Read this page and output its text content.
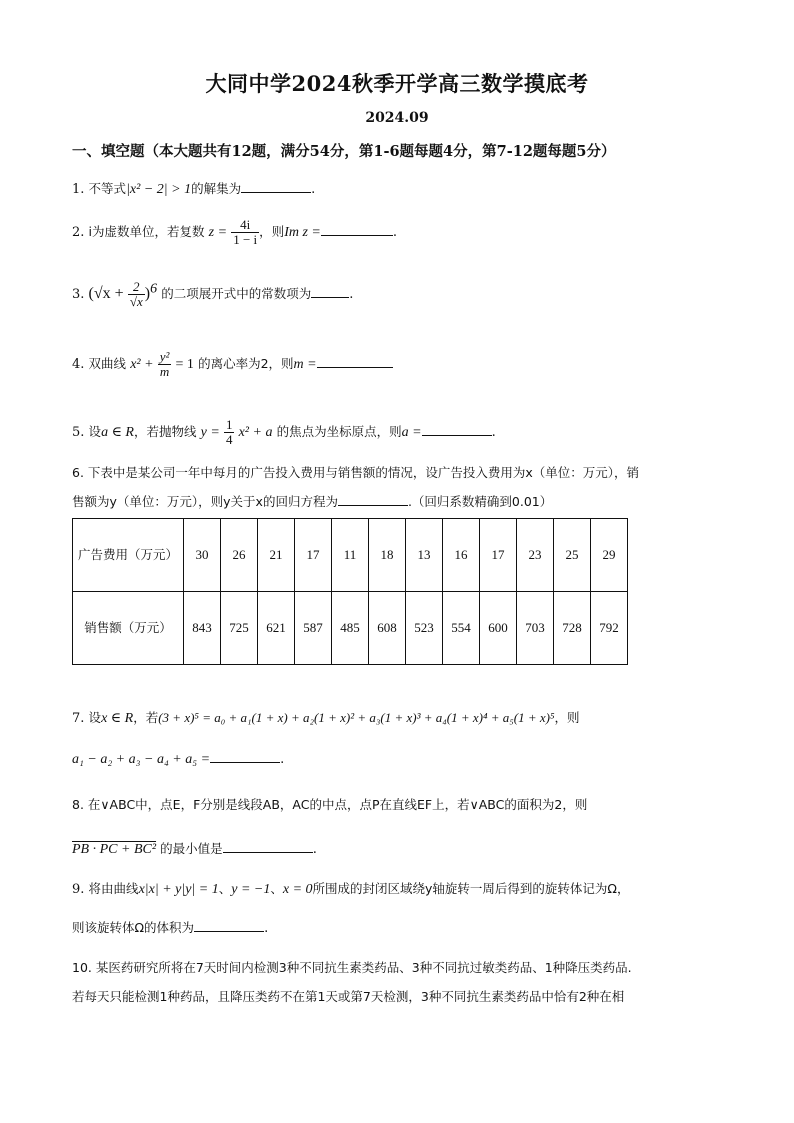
大同中学2024秋季开学高三数学摸底考
2024.09
一、填空题（本大题共有12题，满分54分，第1-6题每题4分，第7-12题每题5分）
1. 不等式|x² − 2| > 1的解集为	.
2. i为虚数单位，若复数 $z = \frac{4i}{1 - i}$ ，则Im z =	.
3. $(√x + \frac{2}{√x} )^6$ 的二项展开式中的常数项为	.
4. 双曲线 $x^2 + \frac{\text{y²}}{m} = 1$ 的离心率为2，则m =
5. 设a ∈ R，若抛物线 $y = \frac{1}{4} x^2 + a$ 的焦点为坐标原点，则a =	.
6. 下表中是某公司一年中每月的广告投入费用与销售额的情况，设广告投入费用为x（单位：万元），销
售额为y（单位：万元），则y关于x的回归方程为	.（回归系数精确到0.01）
广告费用（万元）	30	26	21	17	11	18	13	16	17	23	25	29
销售额（万元）	843	725	621	587	485	608	523	554	600	703	728	792
7. 设x ∈ R，若(3 + x)⁵ = a₀ + a₁(1 + x) + a₂(1 + x)² + a₃(1 + x)³ + a₄(1 + x)⁴ + a₅(1 + x)⁵，则
a₁ − a₂ + a₃ − a₄ + a₅ =	.
8. 在∨ABC中，点E，F分别是线段AB，AC的中点，点P在直线EF上，若∨ABC的面积为2，则
PB · PC + BC² 的最小值是	.
9. 将由曲线x|x| + y|y| = 1、y = −1、x = 0所围成的封闭区域绕y轴旋转一周后得到的旋转体记为Ω，
则该旋转体Ω的体积为	.
10. 某医药研究所将在7天时间内检测3种不同抗生素类药品、3种不同抗过敏类药品、1种降压类药品.
若每天只能检测1种药品，且降压类药不在第1天或第7天检测，3种不同抗生素类药品中恰有2种在相
